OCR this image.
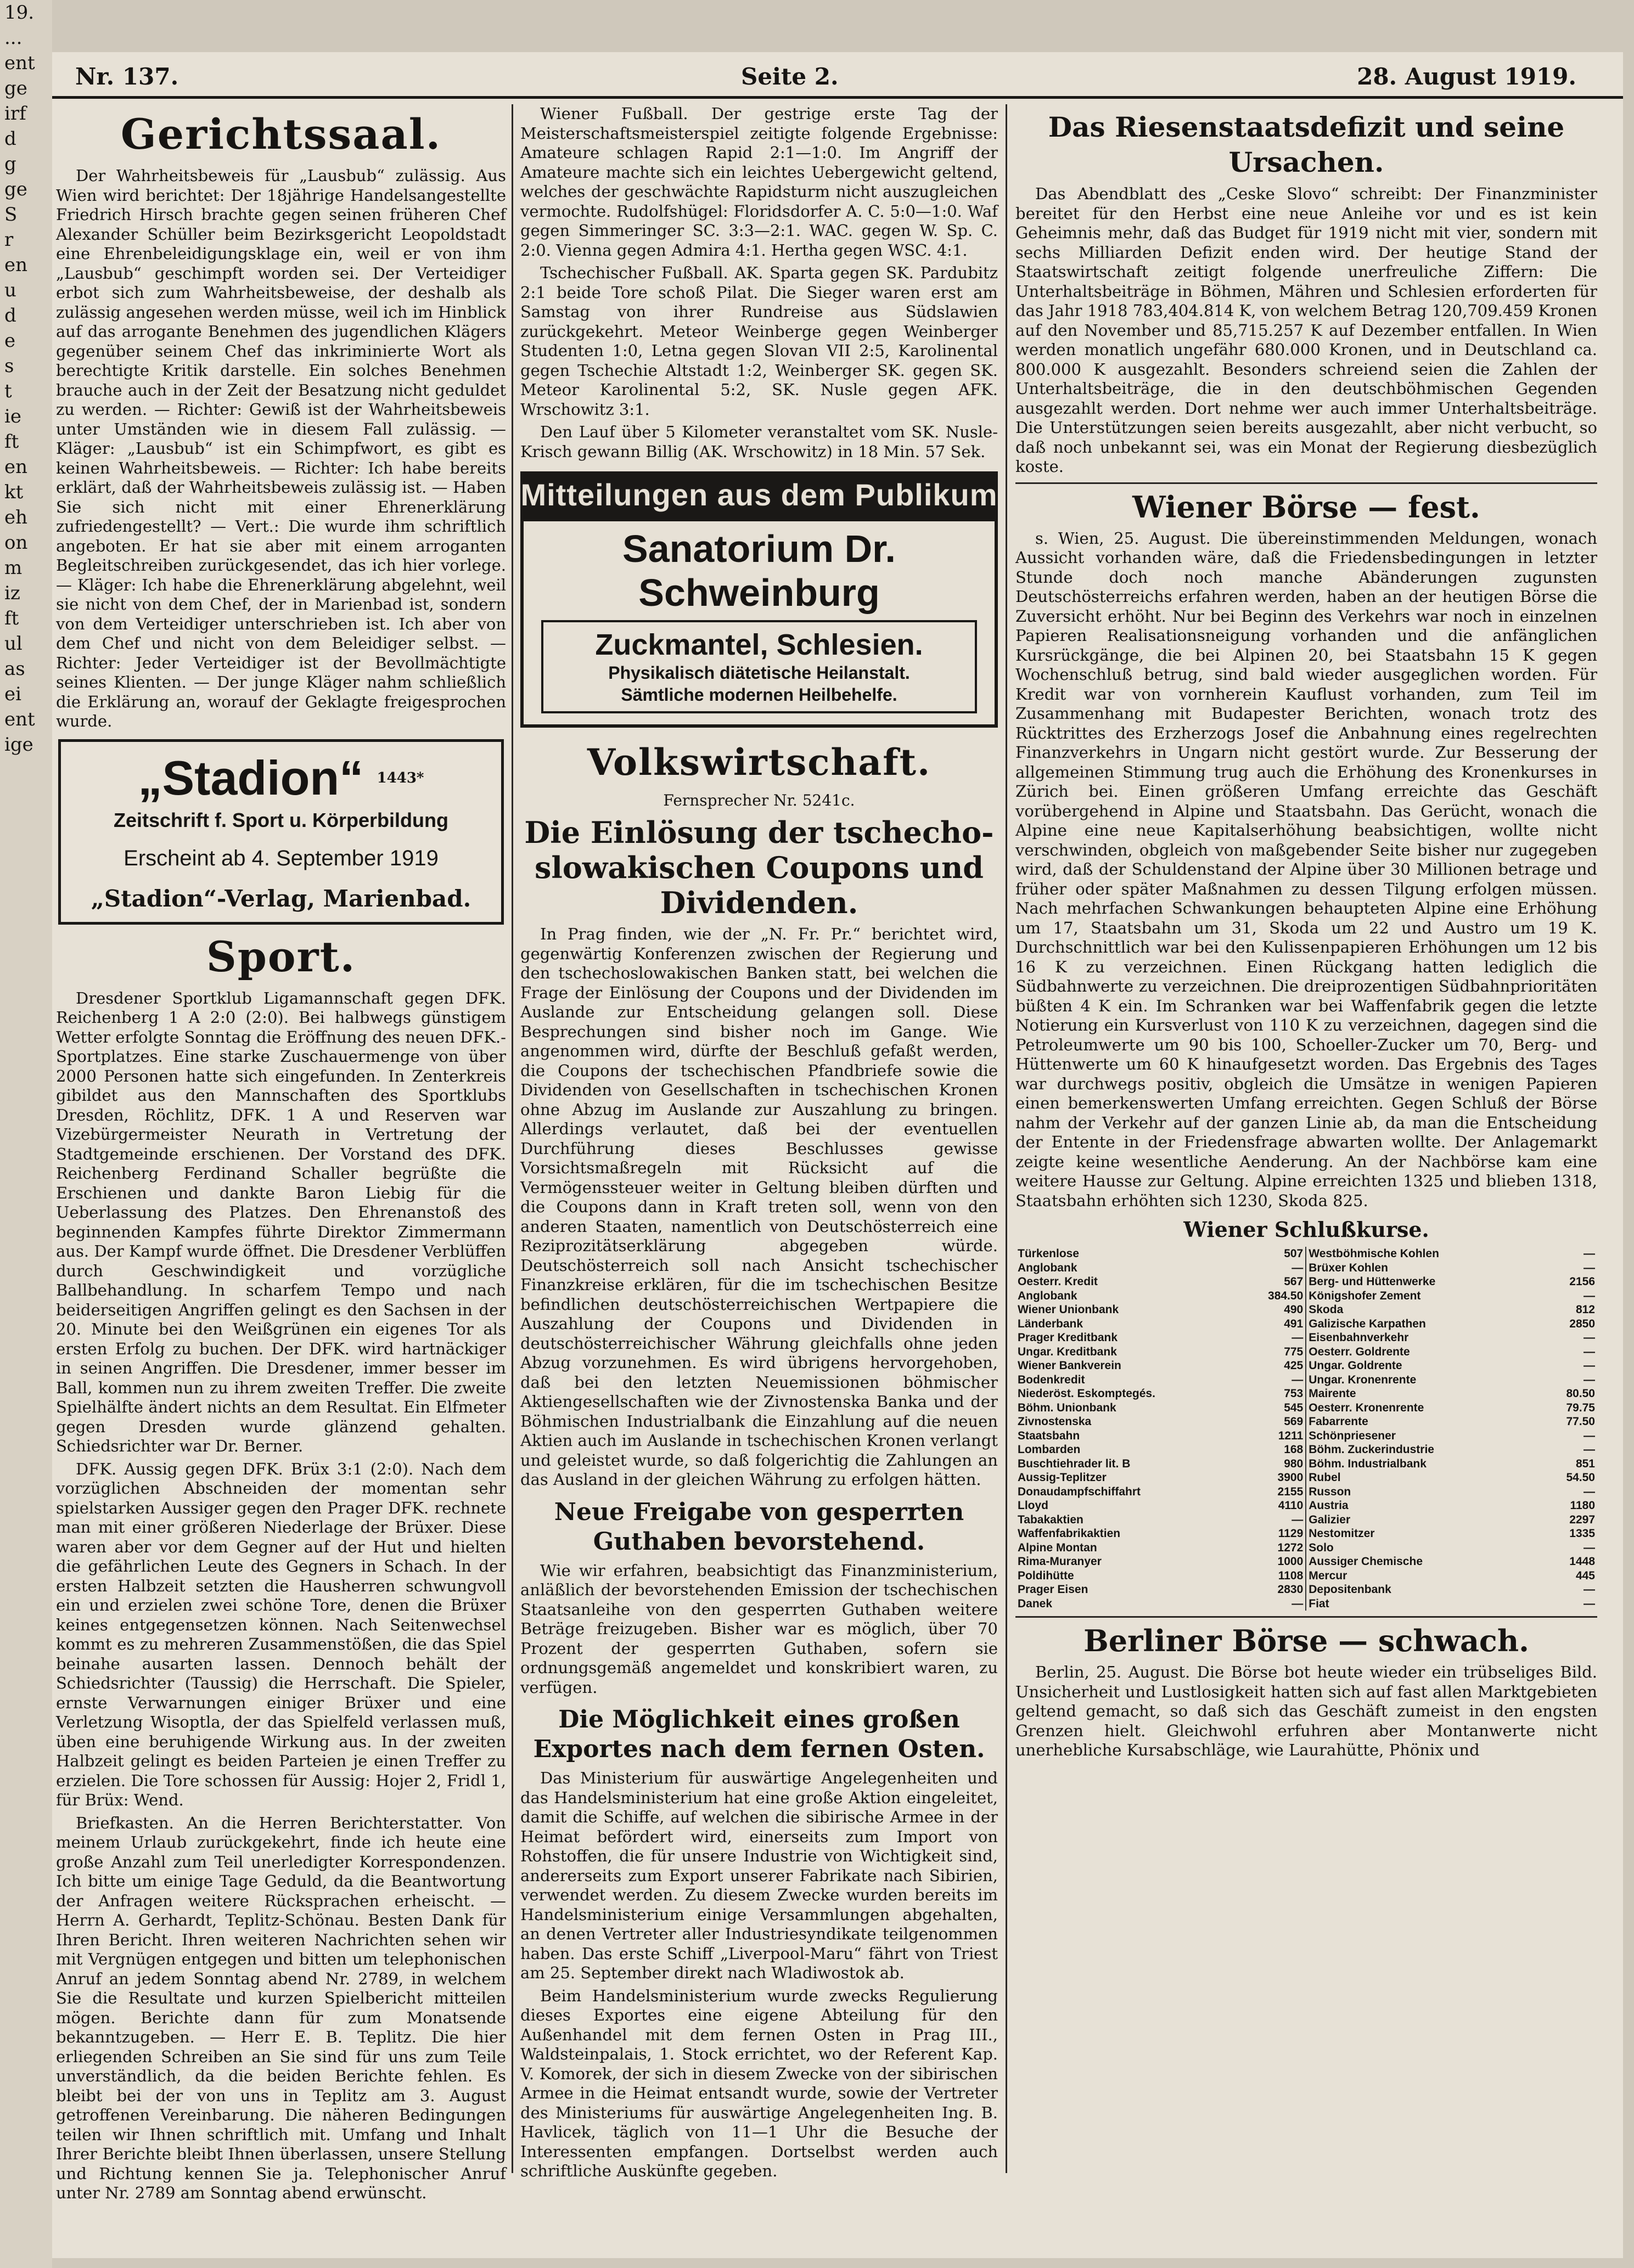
19.
...
ent
ge
irf
d
g
ge
S
r
en
u
d
e
s
t
ie
ft
en
kt
eh
on
m
iz
ft
ul
as
ei
ent
ige
Nr. 137.	Seite 2.	28. August 1919.
Gerichtssaal.

Der Wahrheitsbeweis für „Lausbub“ zulässig. Aus Wien wird berichtet: Der 18jährige Handelsangestellte Friedrich Hirsch brachte gegen seinen früheren Chef Alexander Schüller beim Bezirksgericht Leopoldstadt eine Ehrenbeleidigungsklage ein, weil er von ihm „Lausbub“ geschimpft worden sei. Der Verteidiger erbot sich zum Wahrheitsbeweise, der deshalb als zulässig angesehen werden müsse, weil ich im Hinblick auf das arrogante Benehmen des jugendlichen Klägers gegenüber seinem Chef das inkriminierte Wort als berechtigte Kritik darstelle. Ein solches Benehmen brauche auch in der Zeit der Besatzung nicht geduldet zu werden. — Richter: Gewiß ist der Wahrheitsbeweis unter Umständen wie in diesem Fall zulässig. — Kläger: „Lausbub“ ist ein Schimpfwort, es gibt es keinen Wahrheitsbeweis. — Richter: Ich habe bereits erklärt, daß der Wahrheitsbeweis zulässig ist. — Haben Sie sich nicht mit einer Ehrenerklärung zufriedengestellt? — Vert.: Die wurde ihm schriftlich angeboten. Er hat sie aber mit einem arroganten Begleitschreiben zurückgesendet, das ich hier vorlege. — Kläger: Ich habe die Ehrenerklärung abgelehnt, weil sie nicht von dem Chef, der in Marienbad ist, sondern von dem Verteidiger unterschrieben ist. Ich aber von dem Chef und nicht von dem Beleidiger selbst. — Richter: Jeder Verteidiger ist der Bevollmächtigte seines Klienten. — Der junge Kläger nahm schließlich die Erklärung an, worauf der Geklagte freigesprochen wurde.

„Stadion“ $^{1443*}$
Zeitschrift f. Sport u. Körperbildung
Erscheint ab 4. September 1919
„Stadion“-Verlag, Marienbad.
Sport.

Dresdener Sportklub Ligamannschaft gegen DFK. Reichenberg 1 A 2:0 (2:0). Bei halbwegs günstigem Wetter erfolgte Sonntag die Eröffnung des neuen DFK.-Sportplatzes. Eine starke Zuschauermenge von über 2000 Personen hatte sich eingefunden. In Zenterkreis gibildet aus den Mannschaften des Sportklubs Dresden, Röchlitz, DFK. 1 A und Reserven war Vizebürgermeister Neurath in Vertretung der Stadtgemeinde erschienen. Der Vorstand des DFK. Reichenberg Ferdinand Schaller begrüßte die Erschienen und dankte Baron Liebig für die Ueberlassung des Platzes. Den Ehrenanstoß des beginnenden Kampfes führte Direktor Zimmermann aus. Der Kampf wurde öffnet. Die Dresdener Verblüffen durch Geschwindigkeit und vorzügliche Ballbehandlung. In scharfem Tempo und nach beiderseitigen Angriffen gelingt es den Sachsen in der 20. Minute bei den Weißgrünen ein eigenes Tor als ersten Erfolg zu buchen. Der DFK. wird hartnäckiger in seinen Angriffen. Die Dresdener, immer besser im Ball, kommen nun zu ihrem zweiten Treffer. Die zweite Spielhälfte ändert nichts an dem Resultat. Ein Elfmeter gegen Dresden wurde glänzend gehalten. Schiedsrichter war Dr. Berner.

DFK. Aussig gegen DFK. Brüx 3:1 (2:0). Nach dem vorzüglichen Abschneiden der momentan sehr spielstarken Aussiger gegen den Prager DFK. rechnete man mit einer größeren Niederlage der Brüxer. Diese waren aber vor dem Gegner auf der Hut und hielten die gefährlichen Leute des Gegners in Schach. In der ersten Halbzeit setzten die Hausherren schwungvoll ein und erzielen zwei schöne Tore, denen die Brüxer keines entgegensetzen können. Nach Seitenwechsel kommt es zu mehreren Zusammenstößen, die das Spiel beinahe ausarten lassen. Dennoch behält der Schiedsrichter (Taussig) die Herrschaft. Die Spieler, ernste Verwarnungen einiger Brüxer und eine Verletzung Wisoptla, der das Spielfeld verlassen muß, üben eine beruhigende Wirkung aus. In der zweiten Halbzeit gelingt es beiden Parteien je einen Treffer zu erzielen. Die Tore schossen für Aussig: Hojer 2, Fridl 1, für Brüx: Wend.

Briefkasten. An die Herren Berichterstatter. Von meinem Urlaub zurückgekehrt, finde ich heute eine große Anzahl zum Teil unerledigter Korrespondenzen. Ich bitte um einige Tage Geduld, da die Beantwortung der Anfragen weitere Rücksprachen erheischt. — Herrn A. Gerhardt, Teplitz-Schönau. Besten Dank für Ihren Bericht. Ihren weiteren Nachrichten sehen wir mit Vergnügen entgegen und bitten um telephonischen Anruf an jedem Sonntag abend Nr. 2789, in welchem Sie die Resultate und kurzen Spielbericht mitteilen mögen. Berichte dann für zum Monatsende bekanntzugeben. — Herr E. B. Teplitz. Die hier erliegenden Schreiben an Sie sind für uns zum Teile unverständlich, da die beiden Berichte fehlen. Es bleibt bei der von uns in Teplitz am 3. August getroffenen Vereinbarung. Die näheren Bedingungen teilen wir Ihnen schriftlich mit. Umfang und Inhalt Ihrer Berichte bleibt Ihnen überlassen, unsere Stellung und Richtung kennen Sie ja. Telephonischer Anruf unter Nr. 2789 am Sonntag abend erwünscht.

Wiener Fußball. Der gestrige erste Tag der Meisterschaftsmeisterspiel zeitigte folgende Ergebnisse: Amateure schlagen Rapid 2:1—1:0. Im Angriff der Amateure machte sich ein leichtes Uebergewicht geltend, welches der geschwächte Rapidsturm nicht auszugleichen vermochte. Rudolfshügel: Floridsdorfer A. C. 5:0—1:0. Waf gegen Simmeringer SC. 3:3—2:1. WAC. gegen W. Sp. C. 2:0. Vienna gegen Admira 4:1. Hertha gegen WSC. 4:1.

Tschechischer Fußball. AK. Sparta gegen SK. Pardubitz 2:1 beide Tore schoß Pilat. Die Sieger waren erst am Samstag von ihrer Rundreise aus Südslawien zurückgekehrt. Meteor Weinberge gegen Weinberger Studenten 1:0, Letna gegen Slovan VII 2:5, Karolinental gegen Tschechie Altstadt 1:2, Weinberger SK. gegen SK. Meteor Karolinental 5:2, SK. Nusle gegen AFK. Wrschowitz 3:1.

Den Lauf über 5 Kilometer veranstaltet vom SK. Nusle-Krisch gewann Billig (AK. Wrschowitz) in 18 Min. 57 Sek.

Mitteilungen aus dem Publikum
Sanatorium Dr. Schweinburg
Zuckmantel, Schlesien.
Physikalisch diätetische Heilanstalt.
Sämtliche modernen Heilbehelfe.
Volkswirtschaft.
Fernsprecher Nr. 5241c.
Die Einlösung der tschecho-slowakischen Coupons und Dividenden.

In Prag finden, wie der „N. Fr. Pr.“ berichtet wird, gegenwärtig Konferenzen zwischen der Regierung und den tschechoslowakischen Banken statt, bei welchen die Frage der Einlösung der Coupons und der Dividenden im Auslande zur Entscheidung gelangen soll. Diese Besprechungen sind bisher noch im Gange. Wie angenommen wird, dürfte der Beschluß gefaßt werden, die Coupons der tschechischen Pfandbriefe sowie die Dividenden von Gesellschaften in tschechischen Kronen ohne Abzug im Auslande zur Auszahlung zu bringen. Allerdings verlautet, daß bei der eventuellen Durchführung dieses Beschlusses gewisse Vorsichtsmaßregeln mit Rücksicht auf die Vermögenssteuer weiter in Geltung bleiben dürften und die Coupons dann in Kraft treten soll, wenn von den anderen Staaten, namentlich von Deutschösterreich eine Reziprozitätserklärung abgegeben würde. Deutschösterreich soll nach Ansicht tschechischer Finanzkreise erklären, für die im tschechischen Besitze befindlichen deutschösterreichischen Wertpapiere die Auszahlung der Coupons und Dividenden in deutschösterreichischer Währung gleichfalls ohne jeden Abzug vorzunehmen. Es wird übrigens hervorgehoben, daß bei den letzten Neuemissionen böhmischer Aktiengesellschaften wie der Zivnostenska Banka und der Böhmischen Industrialbank die Einzahlung auf die neuen Aktien auch im Auslande in tschechischen Kronen verlangt und geleistet wurde, so daß folgerichtig die Zahlungen an das Ausland in der gleichen Währung zu erfolgen hätten.

Neue Freigabe von gesperrten Guthaben bevorstehend.

Wie wir erfahren, beabsichtigt das Finanzministerium, anläßlich der bevorstehenden Emission der tschechischen Staatsanleihe von den gesperrten Guthaben weitere Beträge freizugeben. Bisher war es möglich, über 70 Prozent der gesperrten Guthaben, sofern sie ordnungsgemäß angemeldet und konskribiert waren, zu verfügen.

Die Möglichkeit eines großen Exportes nach dem fernen Osten.

Das Ministerium für auswärtige Angelegenheiten und das Handelsministerium hat eine große Aktion eingeleitet, damit die Schiffe, auf welchen die sibirische Armee in der Heimat befördert wird, einerseits zum Import von Rohstoffen, die für unsere Industrie von Wichtigkeit sind, andererseits zum Export unserer Fabrikate nach Sibirien, verwendet werden. Zu diesem Zwecke wurden bereits im Handelsministerium einige Versammlungen abgehalten, an denen Vertreter aller Industriesyndikate teilgenommen haben. Das erste Schiff „Liverpool-Maru“ fährt von Triest am 25. September direkt nach Wladiwostok ab.

Beim Handelsministerium wurde zwecks Regulierung dieses Exportes eine eigene Abteilung für den Außenhandel mit dem fernen Osten in Prag III., Waldsteinpalais, 1. Stock errichtet, wo der Referent Kap. V. Komorek, der sich in diesem Zwecke von der sibirischen Armee in die Heimat entsandt wurde, sowie der Vertreter des Ministeriums für auswärtige Angelegenheiten Ing. B. Havlicek, täglich von 11—1 Uhr die Besuche der Interessenten empfangen. Dortselbst werden auch schriftliche Auskünfte gegeben.

Das Riesenstaatsdefizit und seine Ursachen.

Das Abendblatt des „Ceske Slovo“ schreibt: Der Finanzminister bereitet für den Herbst eine neue Anleihe vor und es ist kein Geheimnis mehr, daß das Budget für 1919 nicht mit vier, sondern mit sechs Milliarden Defizit enden wird. Der heutige Stand der Staatswirtschaft zeitigt folgende unerfreuliche Ziffern: Die Unterhaltsbeiträge in Böhmen, Mähren und Schlesien erforderten für das Jahr 1918 783,404.814 K, von welchem Betrag 120,709.459 Kronen auf den November und 85,715.257 K auf Dezember entfallen. In Wien werden monatlich ungefähr 680.000 Kronen, und in Deutschland ca. 800.000 K ausgezahlt. Besonders schreiend seien die Zahlen der Unterhaltsbeiträge, die in den deutschböhmischen Gegenden ausgezahlt werden. Dort nehme wer auch immer Unterhaltsbeiträge. Die Unterstützungen seien bereits ausgezahlt, aber nicht verbucht, so daß noch unbekannt sei, was ein Monat der Regierung diesbezüglich koste.

Wiener Börse — fest.

s. Wien, 25. August. Die übereinstimmenden Meldungen, wonach Aussicht vorhanden wäre, daß die Friedensbedingungen in letzter Stunde doch noch manche Abänderungen zugunsten Deutschösterreichs erfahren werden, haben an der heutigen Börse die Zuversicht erhöht. Nur bei Beginn des Verkehrs war noch in einzelnen Papieren Realisationsneigung vorhanden und die anfänglichen Kursrückgänge, die bei Alpinen 20, bei Staatsbahn 15 K gegen Wochenschluß betrug, sind bald wieder ausgeglichen worden. Für Kredit war von vornherein Kauflust vorhanden, zum Teil im Zusammenhang mit Budapester Berichten, wonach trotz des Rücktrittes des Erzherzogs Josef die Anbahnung eines regelrechten Finanzverkehrs in Ungarn nicht gestört wurde. Zur Besserung der allgemeinen Stimmung trug auch die Erhöhung des Kronenkurses in Zürich bei. Einen größeren Umfang erreichte das Geschäft vorübergehend in Alpine und Staatsbahn. Das Gerücht, wonach die Alpine eine neue Kapitalserhöhung beabsichtigen, wollte nicht verschwinden, obgleich von maßgebender Seite bisher nur zugegeben wird, daß der Schuldenstand der Alpine über 30 Millionen betrage und früher oder später Maßnahmen zu dessen Tilgung erfolgen müssen. Nach mehrfachen Schwankungen behaupteten Alpine eine Erhöhung um 17, Staatsbahn um 31, Skoda um 22 und Austro um 19 K. Durchschnittlich war bei den Kulissenpapieren Erhöhungen um 12 bis 16 K zu verzeichnen. Einen Rückgang hatten lediglich die Südbahnwerte zu verzeichnen. Die dreiprozentigen Südbahnprioritäten büßten 4 K ein. Im Schranken war bei Waffenfabrik gegen die letzte Notierung ein Kursverlust von 110 K zu verzeichnen, dagegen sind die Petroleumwerte um 90 bis 100, Schoeller-Zucker um 70, Berg- und Hüttenwerte um 60 K hinaufgesetzt worden. Das Ergebnis des Tages war durchwegs positiv, obgleich die Umsätze in wenigen Papieren einen bemerkenswerten Umfang erreichten. Gegen Schluß der Börse nahm der Verkehr auf der ganzen Linie ab, da man die Entscheidung der Entente in der Friedensfrage abwarten wollte. Der Anlagemarkt zeigte keine wesentliche Aenderung. An der Nachbörse kam eine weitere Hausse zur Geltung. Alpine erreichten 1325 und blieben 1318, Staatsbahn erhöhten sich 1230, Skoda 825.

Wiener Schlußkurse.
Türkenlose	507
Anglobank	—
Oesterr. Kredit	567
Anglobank	384.50
Wiener Unionbank	490
Länderbank	491
Prager Kreditbank	—
Ungar. Kreditbank	775
Wiener Bankverein	425
Bodenkredit	—
Niederöst. Eskomptegés.	753
Böhm. Unionbank	545
Zivnostenska	569
Staatsbahn	1211
Lombarden	168
Buschtiehrader lit. B	980
Aussig-Teplitzer	3900
Donaudampfschiffahrt	2155
Lloyd	4110
Tabakaktien	—
Waffenfabrikaktien	1129
Alpine Montan	1272
Rima-Muranyer	1000
Poldihütte	1108
Prager Eisen	2830
Danek	—
Westböhmische Kohlen	—
Brüxer Kohlen	—
Berg- und Hüttenwerke	2156
Königshofer Zement	—
Skoda	812
Galizische Karpathen	2850
Eisenbahnverkehr	—
Oesterr. Goldrente	—
Ungar. Goldrente	—
Ungar. Kronenrente	—
Mairente	80.50
Oesterr. Kronenrente	79.75
Fabarrente	77.50
Schönpriesener	—
Böhm. Zuckerindustrie	—
Böhm. Industrialbank	851
Rubel	54.50
Russon	—
Austria	1180
Galizier	2297
Nestomitzer	1335
Solo	—
Aussiger Chemische	1448
Mercur	445
Depositenbank	—
Fiat	—
Berliner Börse — schwach.

Berlin, 25. August. Die Börse bot heute wieder ein trübseliges Bild. Unsicherheit und Lustlosigkeit hatten sich auf fast allen Marktgebieten geltend gemacht, so daß sich das Geschäft zumeist in den engsten Grenzen hielt. Gleichwohl erfuhren aber Montanwerte nicht unerhebliche Kursabschläge, wie Laurahütte, Phönix und
